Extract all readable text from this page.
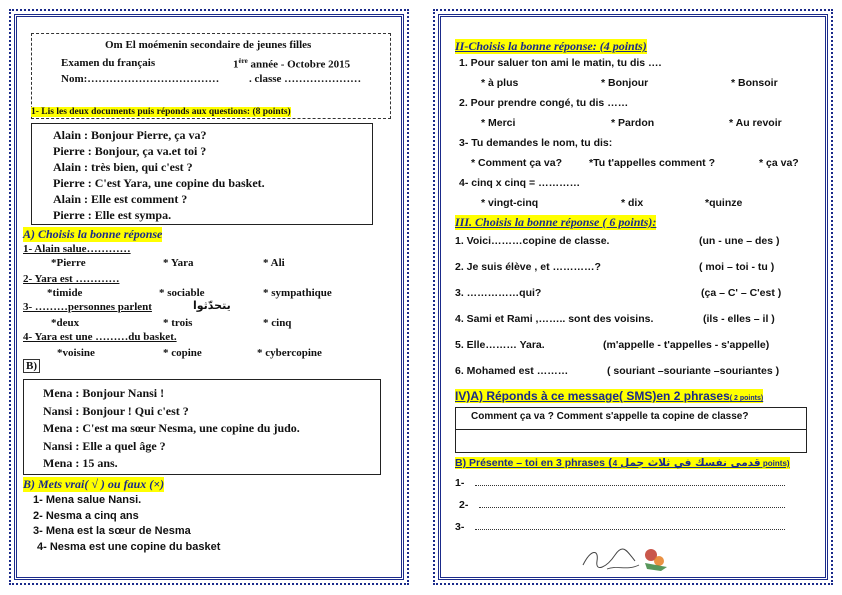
Om El moémenin secondaire de jeunes filles
Examen du français	1ère année - Octobre 2015
Nom:………………………………	. classe …………………
1- Lis les deux documents puis réponds aux questions: (8 points)
Alain : Bonjour Pierre, ça va?
Pierre : Bonjour, ça va.et toi ?
Alain : très bien, qui c'est ?
Pierre : C'est Yara, une copine du basket.
Alain : Elle est comment ?
Pierre : Elle est sympa.
A) Choisis la bonne réponse
1- Alain salue…………
*Pierre	* Yara	* Ali
2- Yara est …………
*timide	* sociable	* sympathique
3- ………personnes parlent	يتحدّثوا
*deux	* trois	* cinq
4- Yara est une ………du basket.
*voisine	* copine	* cybercopine
B)
Mena : Bonjour Nansi !
Nansi : Bonjour ! Qui c'est ?
Mena : C'est ma sœur Nesma, une copine du judo.
Nansi : Elle a quel âge ?
Mena : 15 ans.
B) Mets vrai( √ ) ou faux (×)
1- Mena salue Nansi.
2- Nesma a cinq ans
3- Mena est la sœur de Nesma
4- Nesma est une copine du basket
II-Choisis la bonne réponse: (4 points)
1. Pour saluer ton ami le matin, tu dis ….
* à plus	* Bonjour	* Bonsoir
2. Pour prendre congé, tu dis ……
* Merci	* Pardon	* Au revoir
3- Tu demandes le nom, tu dis:
* Comment ça va?	*Tu t'appelles comment ?	* ça va?
4- cinq x cinq = …………
* vingt-cinq	* dix	*quinze
III. Choisis la bonne réponse ( 6 points):
1. Voici………copine de classe.	(un - une – des )
2. Je suis élève , et …………?	( moi – toi - tu )
3. ……………qui?	(ça – C' – C'est )
4. Sami et Rami ,…….. sont des voisins.	(ils - elles – il )
5. Elle……… Yara.	(m'appelle - t'appelles - s'appelle)
6. Mohamed est ………	( souriant –souriante –souriantes )
IV)A) Réponds à ce message( SMS)en 2 phrases( 2 points)
Comment ça va ? Comment s'appelle ta copine de classe?
B) Présente – toi en 3 phrases (قدمى نفسك في ثلاث جمل 4 points)
1-
2-
3-
